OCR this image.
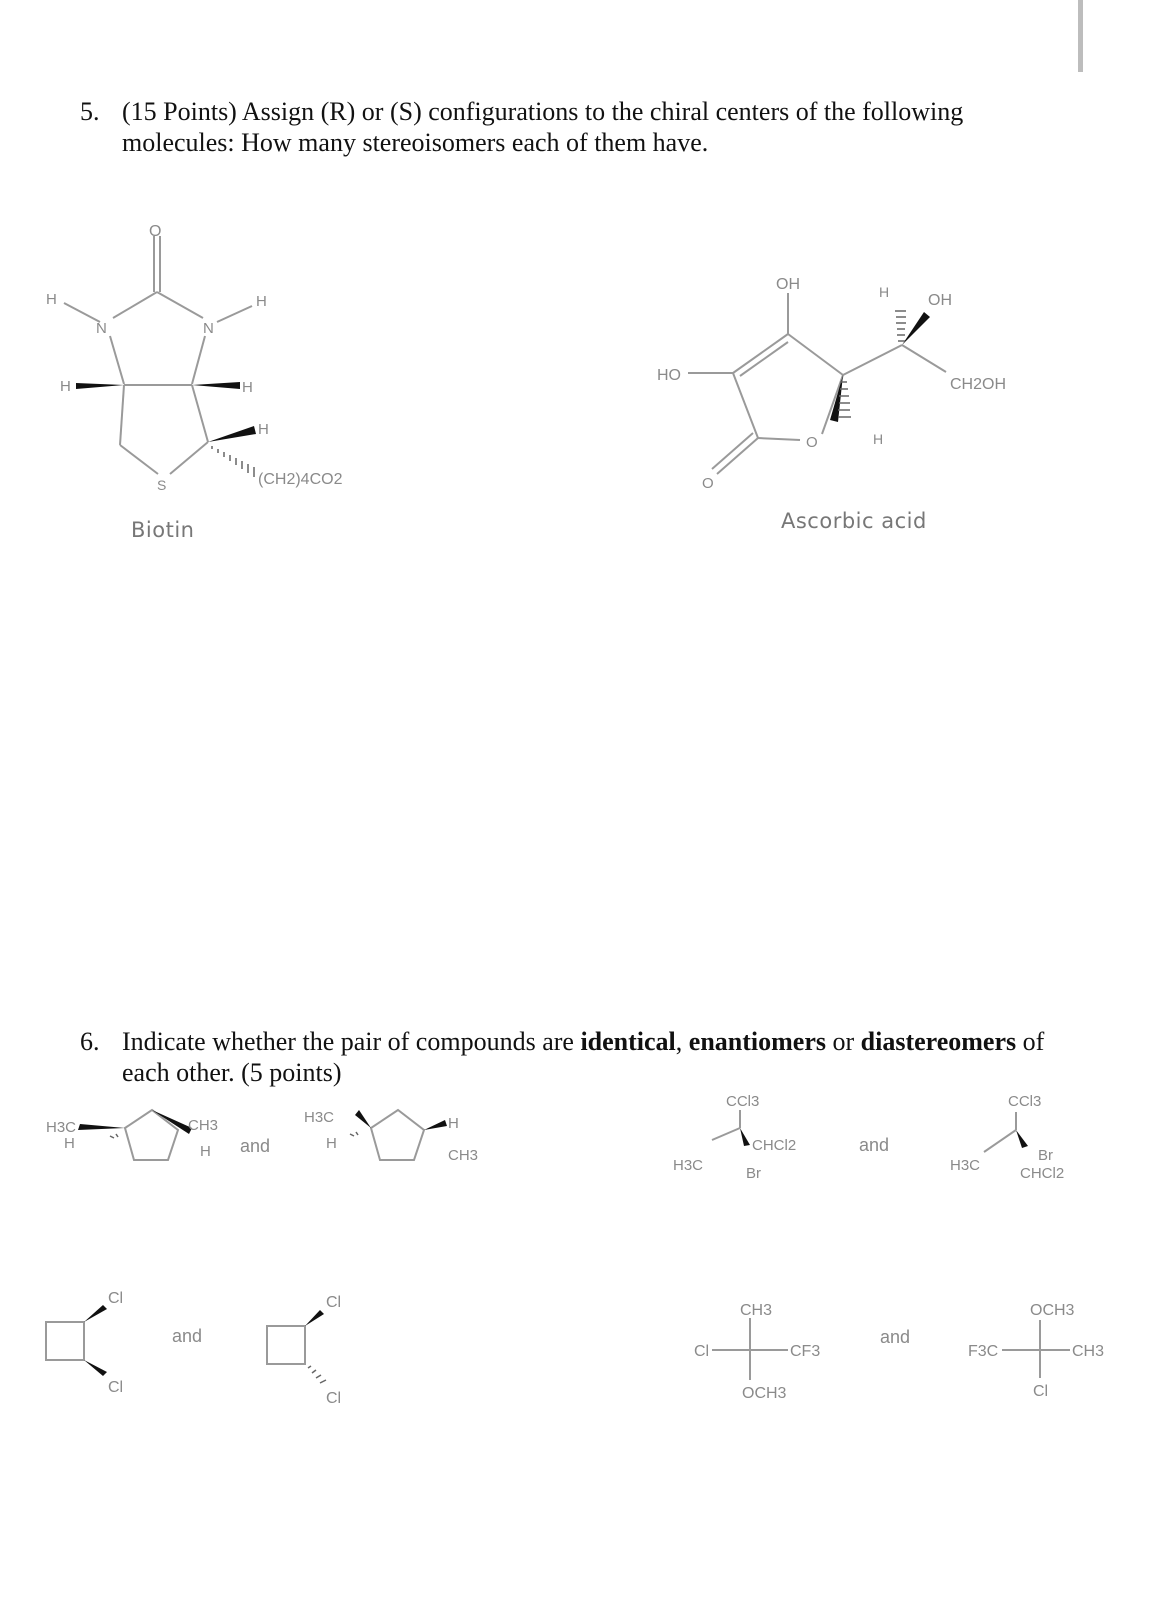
5. (15 Points) Assign (R) or (S) configurations to the chiral centers of the following
molecules: How many stereoisomers each of them have.
O
N	N
H	H
H	H
H
S	(CH2)4CO2
Biotin
OH
OH
HO
CH2OH
H
H
O
O
Ascorbic acid
6. Indicate whether the pair of compounds are identical, enantiomers or diastereomers of
each other. (5 points)
H3C
H
CH3
H and
H3C
H
H
CH3
CCl3
H3C
CHCl2
Br
and
CCl3
H3C
Br
CHCl2
Cl
Cl
and
Cl
Cl
CH3
Cl	CF3
OCH3
and
OCH3
F3C	CH3
Cl
